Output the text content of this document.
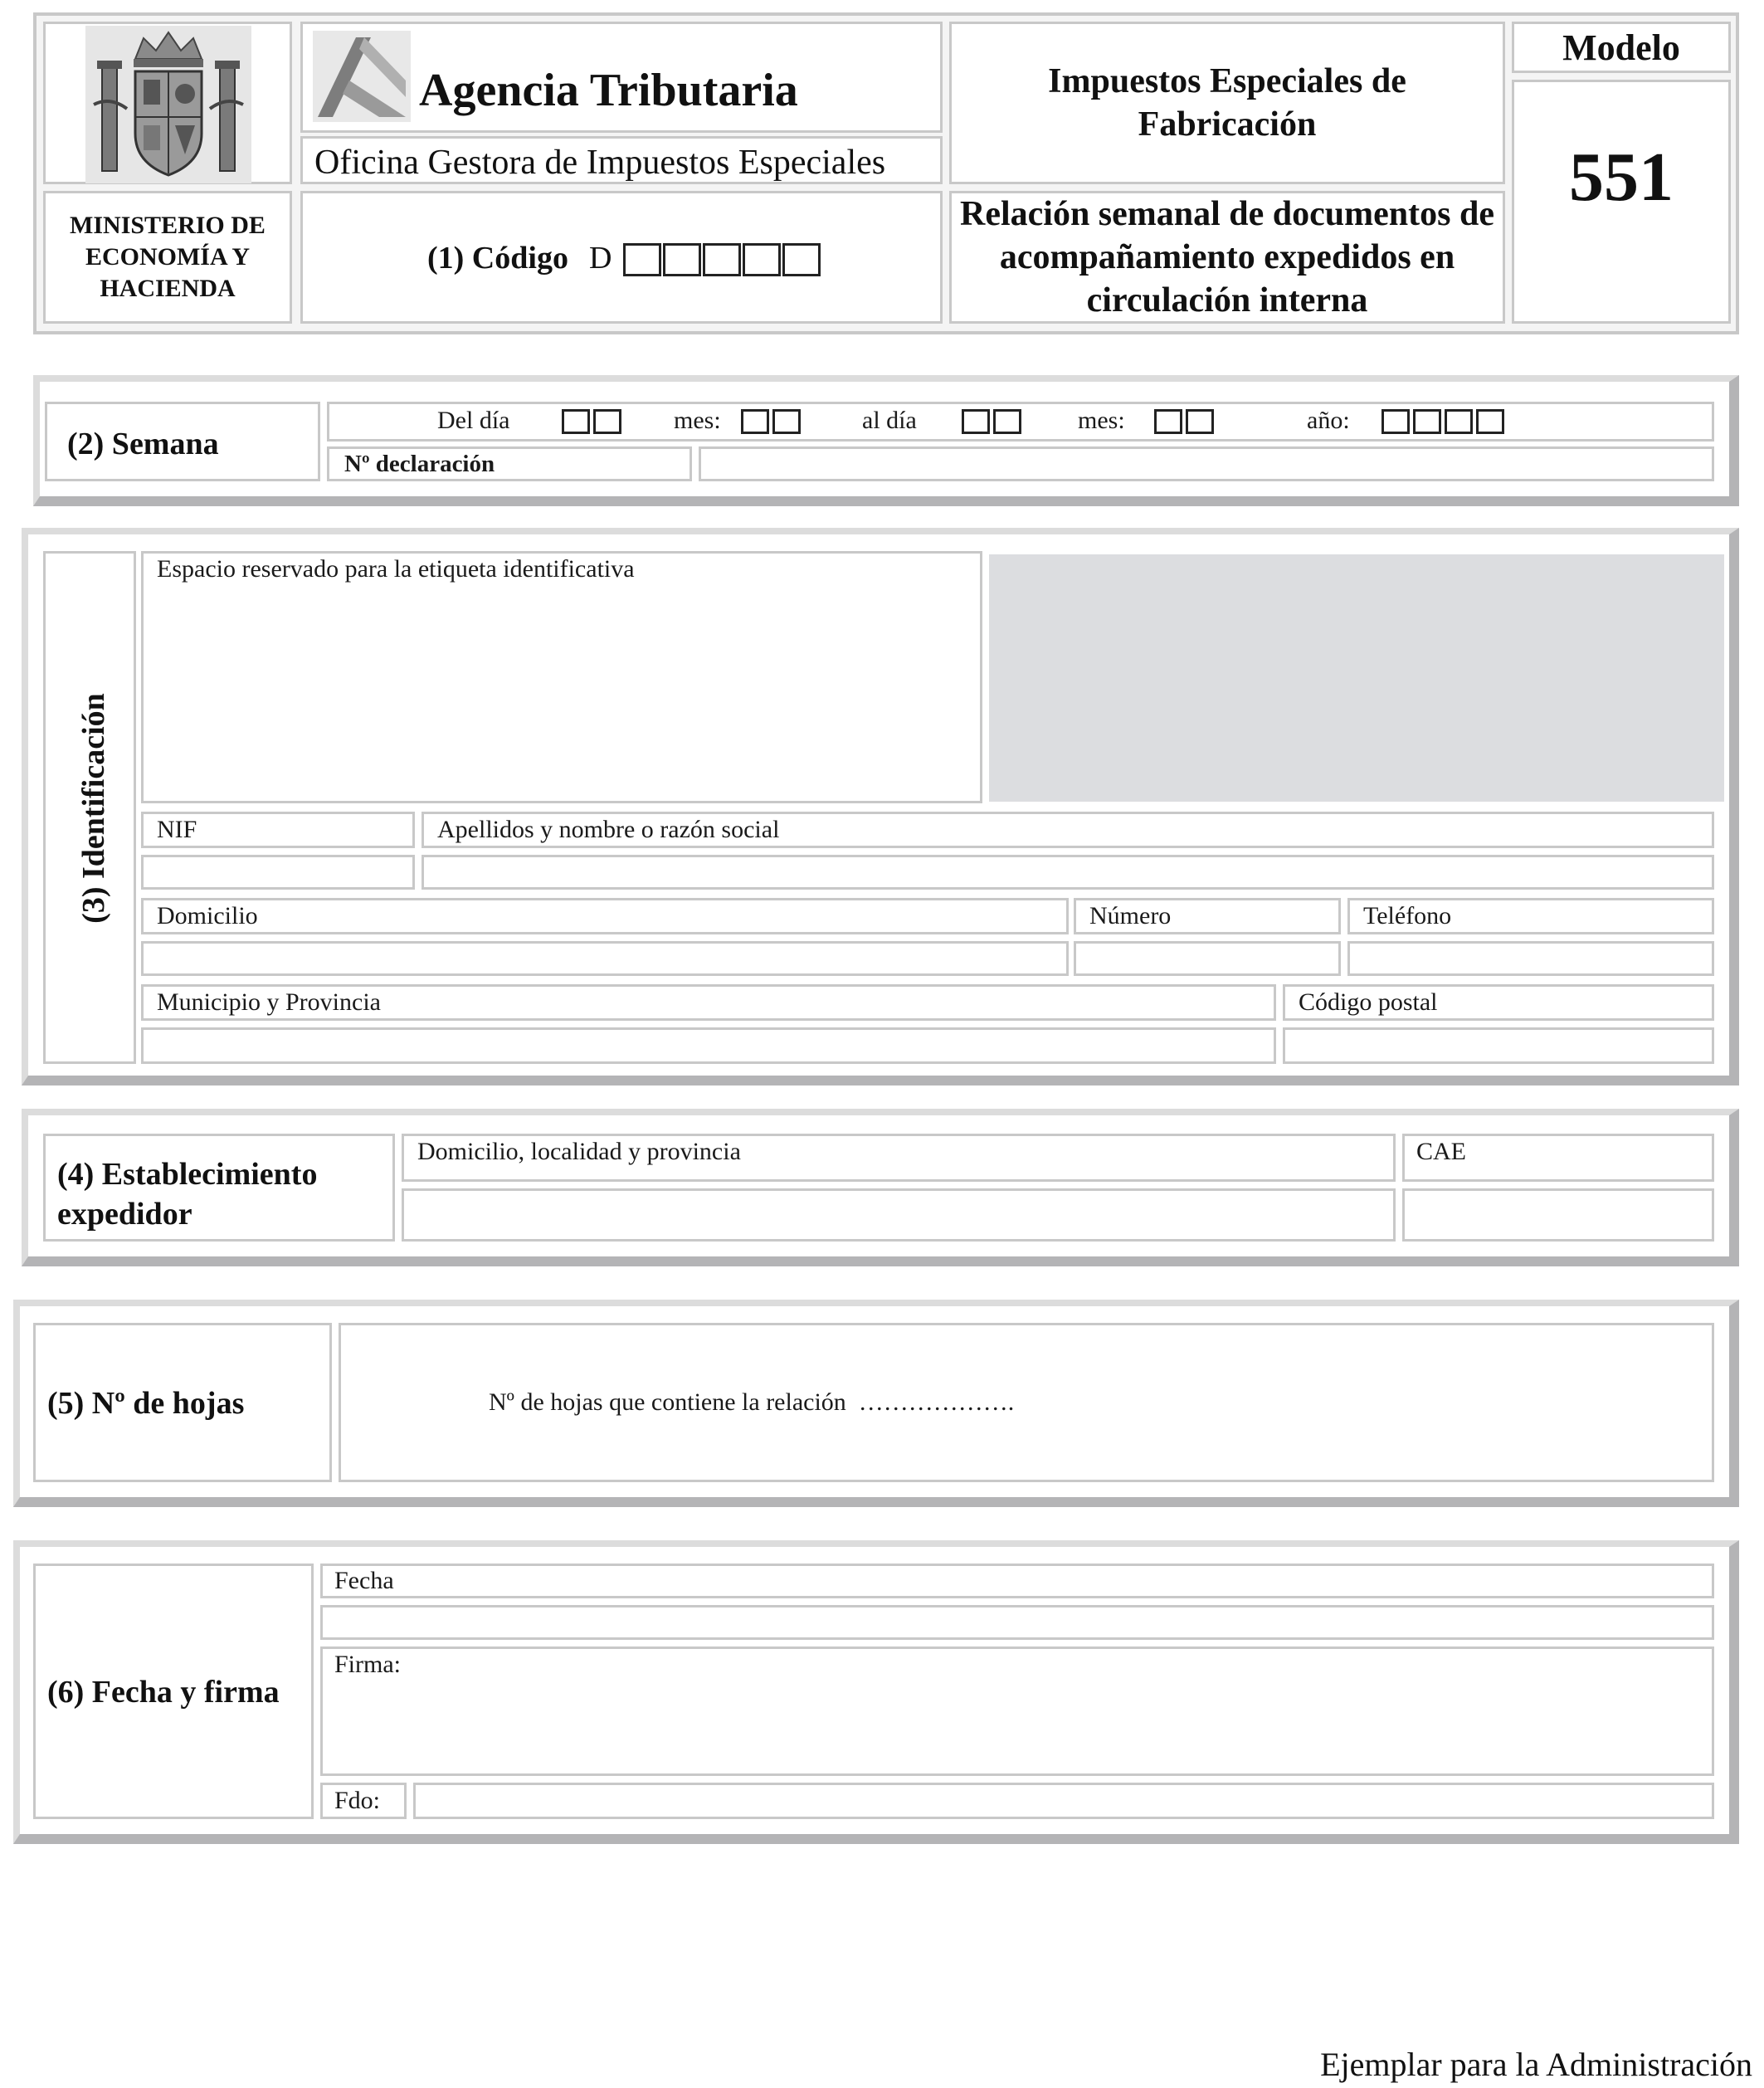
MINISTERIO DE ECONOMÍA Y HACIENDA
Agencia Tributaria
Oficina Gestora de Impuestos Especiales
(1) Código D
Impuestos Especiales de Fabricación
Relación semanal de documentos de acompañamiento expedidos en circulación interna
Modelo
551
(2) Semana
Del día	mes:	al día	mes:	año:
Nº declaración
(3) Identificación
Espacio reservado para la etiqueta identificativa
NIF	Apellidos y nombre o razón social
Domicilio	Número	Teléfono
Municipio y Provincia	Código postal
(4) Establecimiento expedidor
Domicilio, localidad y provincia	CAE
(5) Nº de hojas	Nº de hojas que contiene la relación  ……………….
(6) Fecha y firma
Fecha
Firma:
Fdo:
Ejemplar para la Administración
